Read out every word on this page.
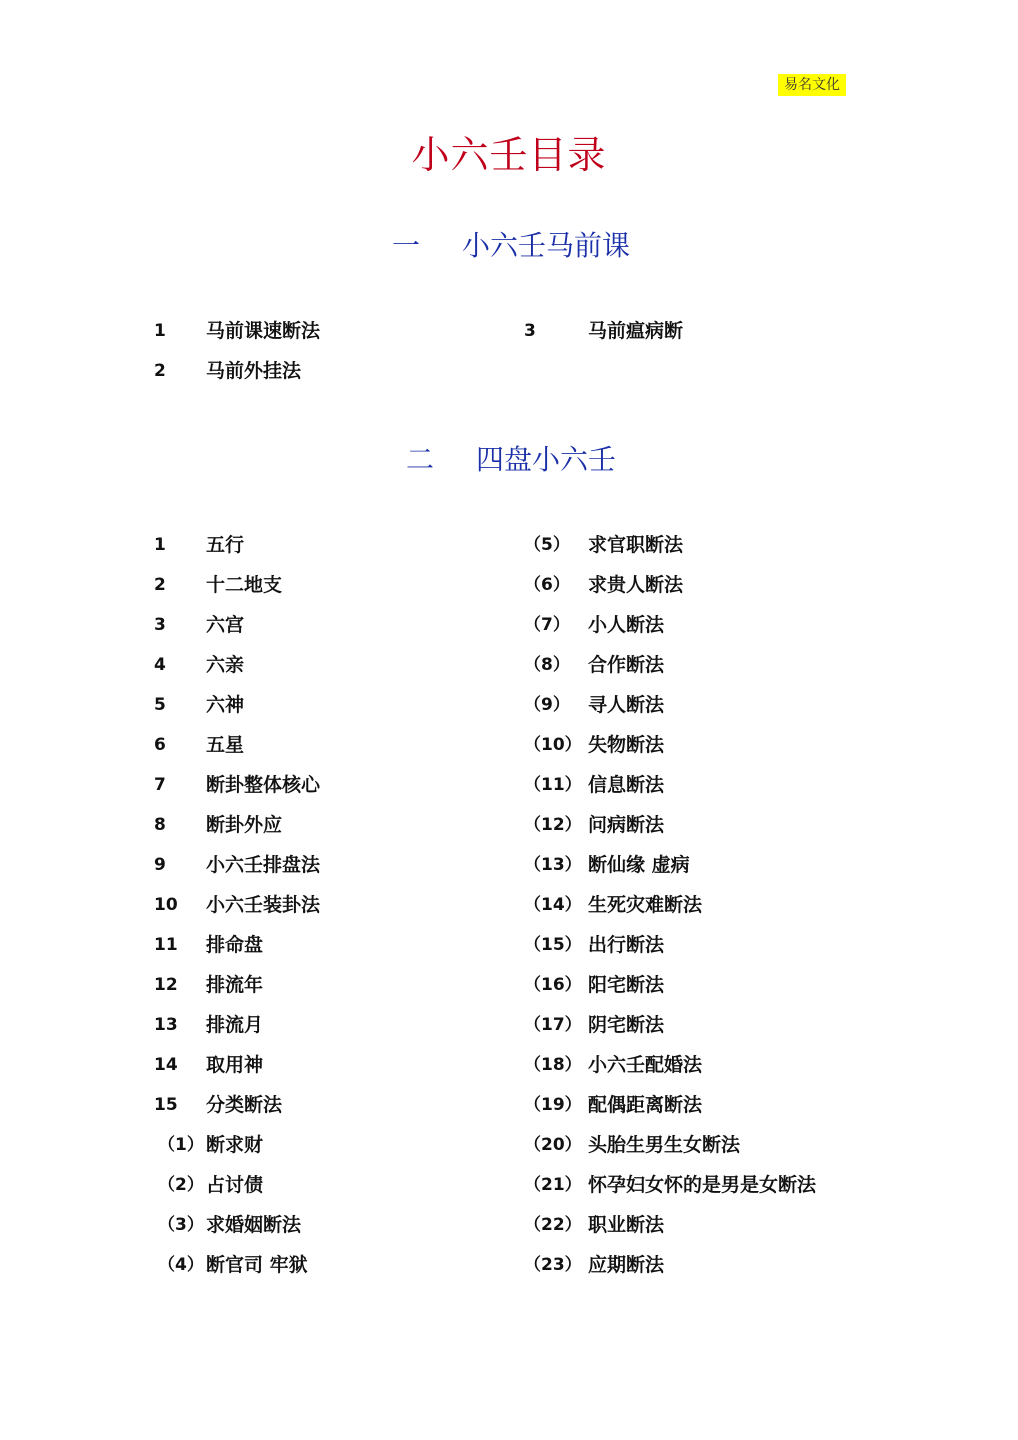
易名文化
小六壬目录
一 小六壬马前课
二 四盘小六壬
1 马前课速断法
2 马前外挂法
3	马前瘟病断
1 五行
2 十二地支
3 六宫
4 六亲
5 六神
6 五星
7 断卦整体核心
8 断卦外应
9 小六壬排盘法
10 小六壬装卦法
11 排命盘
12 排流年
13 排流月
14 取用神
15 分类断法
（1） 断求财
（2） 占讨债
（3） 求婚姻断法
（4） 断官司 牢狱
（5） 求官职断法
（6） 求贵人断法
（7） 小人断法
（8） 合作断法
（9） 寻人断法
（10） 失物断法
（11） 信息断法
（12） 问病断法
（13） 断仙缘 虚病
（14） 生死灾难断法
（15） 出行断法
（16） 阳宅断法
（17） 阴宅断法
（18） 小六壬配婚法
（19） 配偶距离断法
（20） 头胎生男生女断法
（21） 怀孕妇女怀的是男是女断法
（22） 职业断法
（23） 应期断法
